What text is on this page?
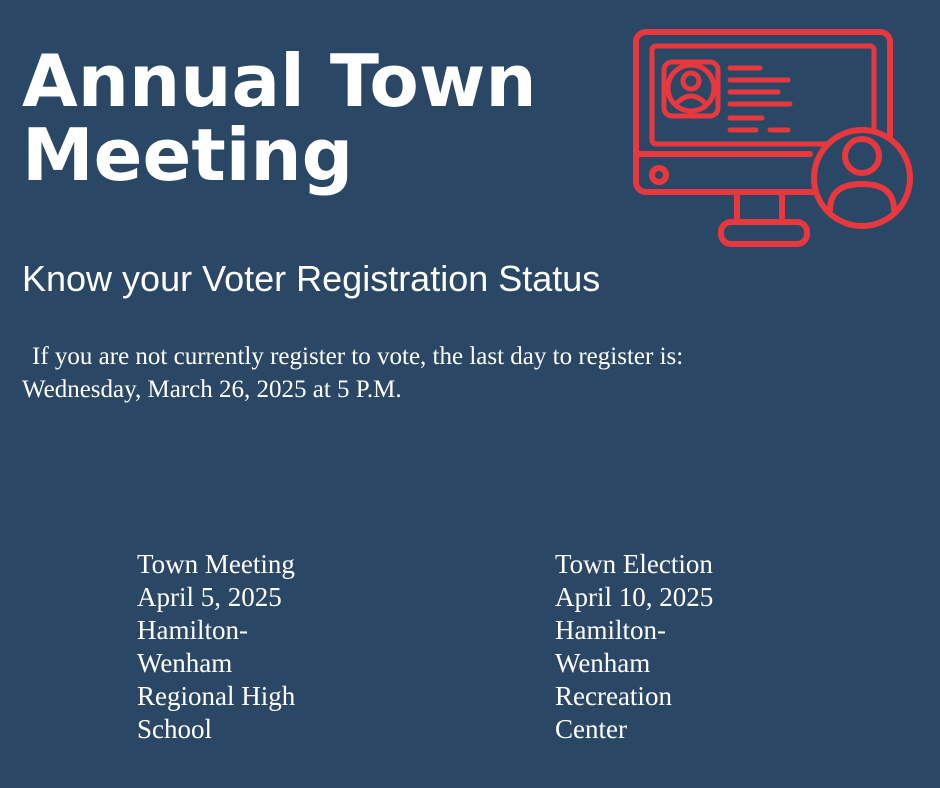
Annual Town
Meeting
Know your Voter Registration Status

If you are not currently register to vote, the last day to register is:
Wednesday, March 26, 2025 at 5 P.M.

Town Meeting
April 5, 2025
Hamilton-
Wenham
Regional High
School
Town Election
April 10, 2025
Hamilton-
Wenham
Recreation
Center
